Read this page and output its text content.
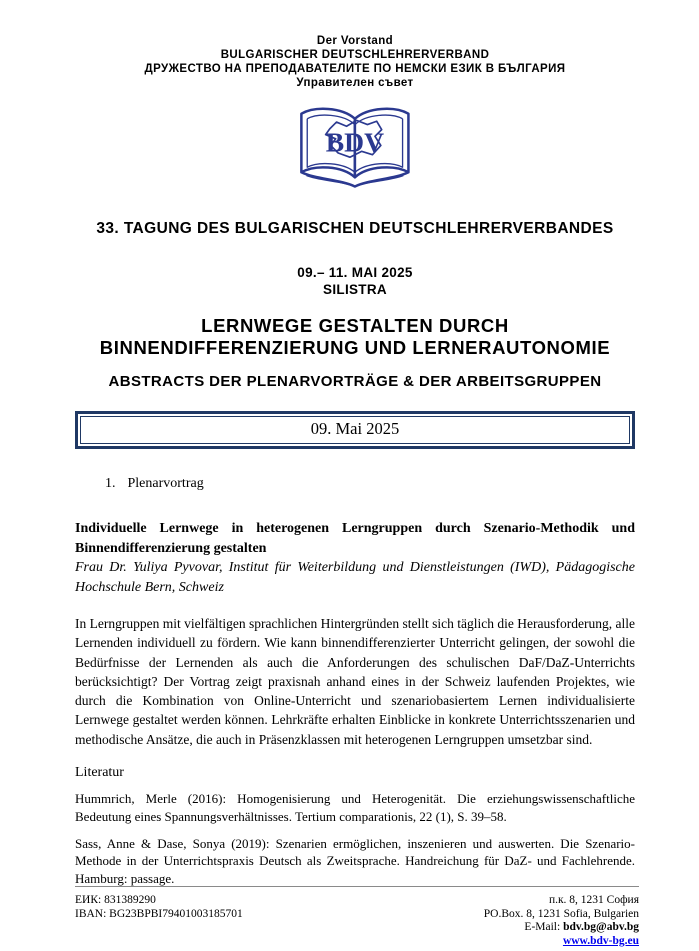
Der Vorstand
BULGARISCHER DEUTSCHLEHRERVERBAND
ДРУЖЕСТВО НА ПРЕПОДАВАТЕЛИТЕ ПО НЕМСКИ ЕЗИК В БЪЛГАРИЯ
Управителен съвет
BDV
33. TAGUNG DES BULGARISCHEN DEUTSCHLEHRERVERBANDES
09.– 11. MAI 2025
SILISTRA
LERNWEGE GESTALTEN DURCH
BINNENDIFFERENZIERUNG UND LERNERAUTONOMIE
ABSTRACTS DER PLENARVORTRÄGE & DER ARBEITSGRUPPEN
09. Mai 2025
1. Plenarvortrag
Individuelle Lernwege in heterogenen Lerngruppen durch Szenario-Methodik und Binnendifferenzierung gestalten
Frau Dr. Yuliya Pyvovar, Institut für Weiterbildung und Dienstleistungen (IWD), Pädagogische Hochschule Bern, Schweiz
In Lerngruppen mit vielfältigen sprachlichen Hintergründen stellt sich täglich die Herausforderung, alle Lernenden individuell zu fördern. Wie kann binnendifferenzierter Unterricht gelingen, der sowohl die Bedürfnisse der Lernenden als auch die Anforderungen des schulischen DaF/DaZ-Unterrichts berücksichtigt? Der Vortrag zeigt praxisnah anhand eines in der Schweiz laufenden Projektes, wie durch die Kombination von Online-Unterricht und szenariobasiertem Lernen individualisierte Lernwege gestaltet werden können. Lehrkräfte erhalten Einblicke in konkrete Unterrichtsszenarien und methodische Ansätze, die auch in Präsenzklassen mit heterogenen Lerngruppen umsetzbar sind.
Literatur
Hummrich, Merle (2016): Homogenisierung und Heterogenität. Die erziehungswissenschaftliche Bedeutung eines Spannungsverhältnisses. Tertium comparationis, 22 (1), S. 39–58.
Sass, Anne & Dase, Sonya (2019): Szenarien ermöglichen, inszenieren und auswerten. Die Szenario-Methode in der Unterrichtspraxis Deutsch als Zweitsprache. Handreichung für DaZ- und Fachlehrende. Hamburg: passage.
ЕИК: 831389290
IBAN: BG23BPBI79401003185701
п.к. 8, 1231 София
PO.Box. 8, 1231 Sofia, Bulgarien
E-Mail: bdv.bg@abv.bg
www.bdv-bg.eu
